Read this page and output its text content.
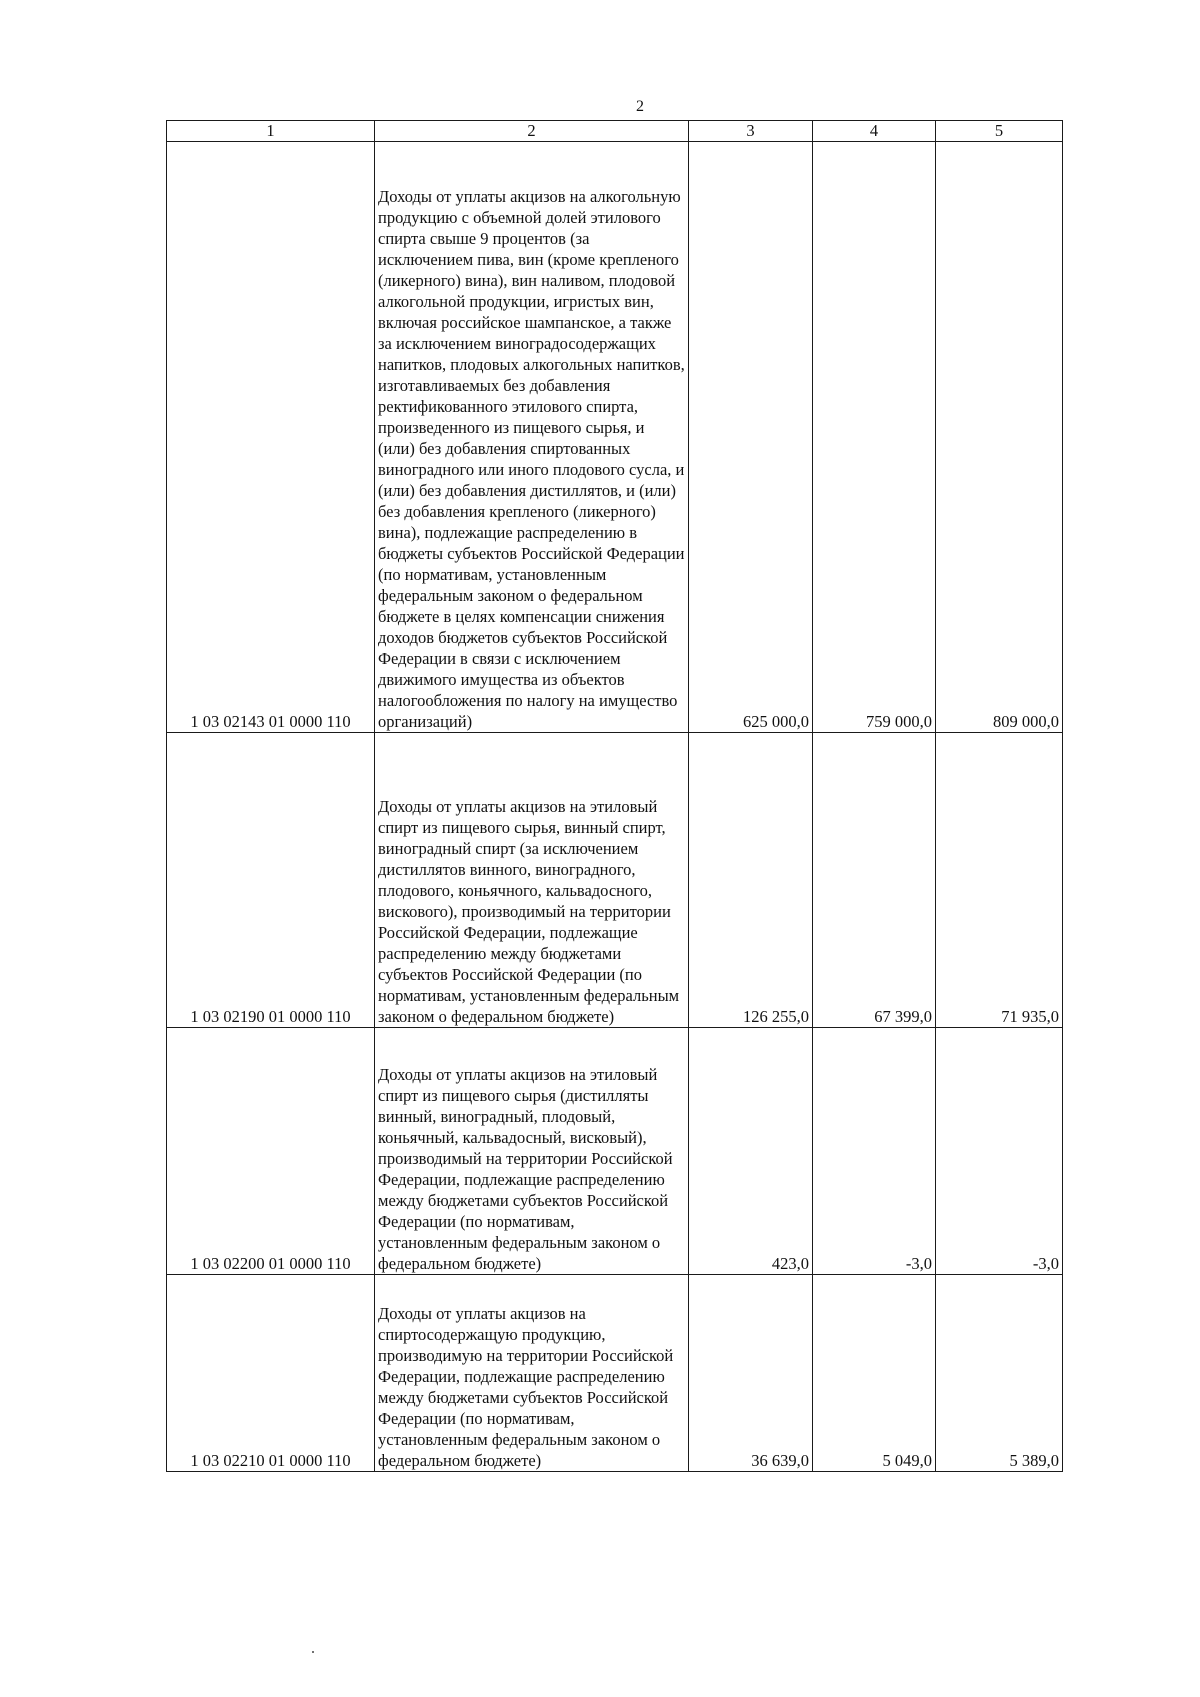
2
1	2	3	4	5
1 03 02143 01 0000 110	Доходы от уплаты акцизов на алкогольную продукцию с объемной долей этилового спирта свыше 9 процентов (за исключением пива, вин (кроме крепленого (ликерного) вина), вин наливом, плодовой алкогольной продукции, игристых вин, включая российское шампанское, а также за исключением виноградосодержащих напитков, плодовых алкогольных напитков, изготавливаемых без добавления ректификованного этилового спирта, произведенного из пищевого сырья, и (или) без добавления спиртованных виноградного или иного плодового сусла, и (или) без добавления дистиллятов, и (или) без добавления крепленого (ликерного) вина), подлежащие распределению в бюджеты субъектов Российской Федерации (по нормативам, установленным федеральным законом о федеральном бюджете в целях компенсации снижения доходов бюджетов субъектов Российской Федерации в связи с исключением движимого имущества из объектов налогообложения по налогу на имущество организаций)	625 000,0	759 000,0	809 000,0
1 03 02190 01 0000 110	Доходы от уплаты акцизов на этиловый спирт из пищевого сырья, винный спирт, виноградный спирт (за исключением дистиллятов винного, виноградного, плодового, коньячного, кальвадосного, вискового), производимый на территории Российской Федерации, подлежащие распределению между бюджетами субъектов Российской Федерации (по нормативам, установленным федеральным законом о федеральном бюджете)	126 255,0	67 399,0	71 935,0
1 03 02200 01 0000 110	Доходы от уплаты акцизов на этиловый спирт из пищевого сырья (дистилляты винный, виноградный, плодовый, коньячный, кальвадосный, висковый), производимый на территории Российской Федерации, подлежащие распределению между бюджетами субъектов Российской Федерации (по нормативам, установленным федеральным законом о федеральном бюджете)	423,0	-3,0	-3,0
1 03 02210 01 0000 110	Доходы от уплаты акцизов на спиртосодержащую продукцию, производимую на территории Российской Федерации, подлежащие распределению между бюджетами субъектов Российской Федерации (по нормативам, установленным федеральным законом о федеральном бюджете)	36 639,0	5 049,0	5 389,0
